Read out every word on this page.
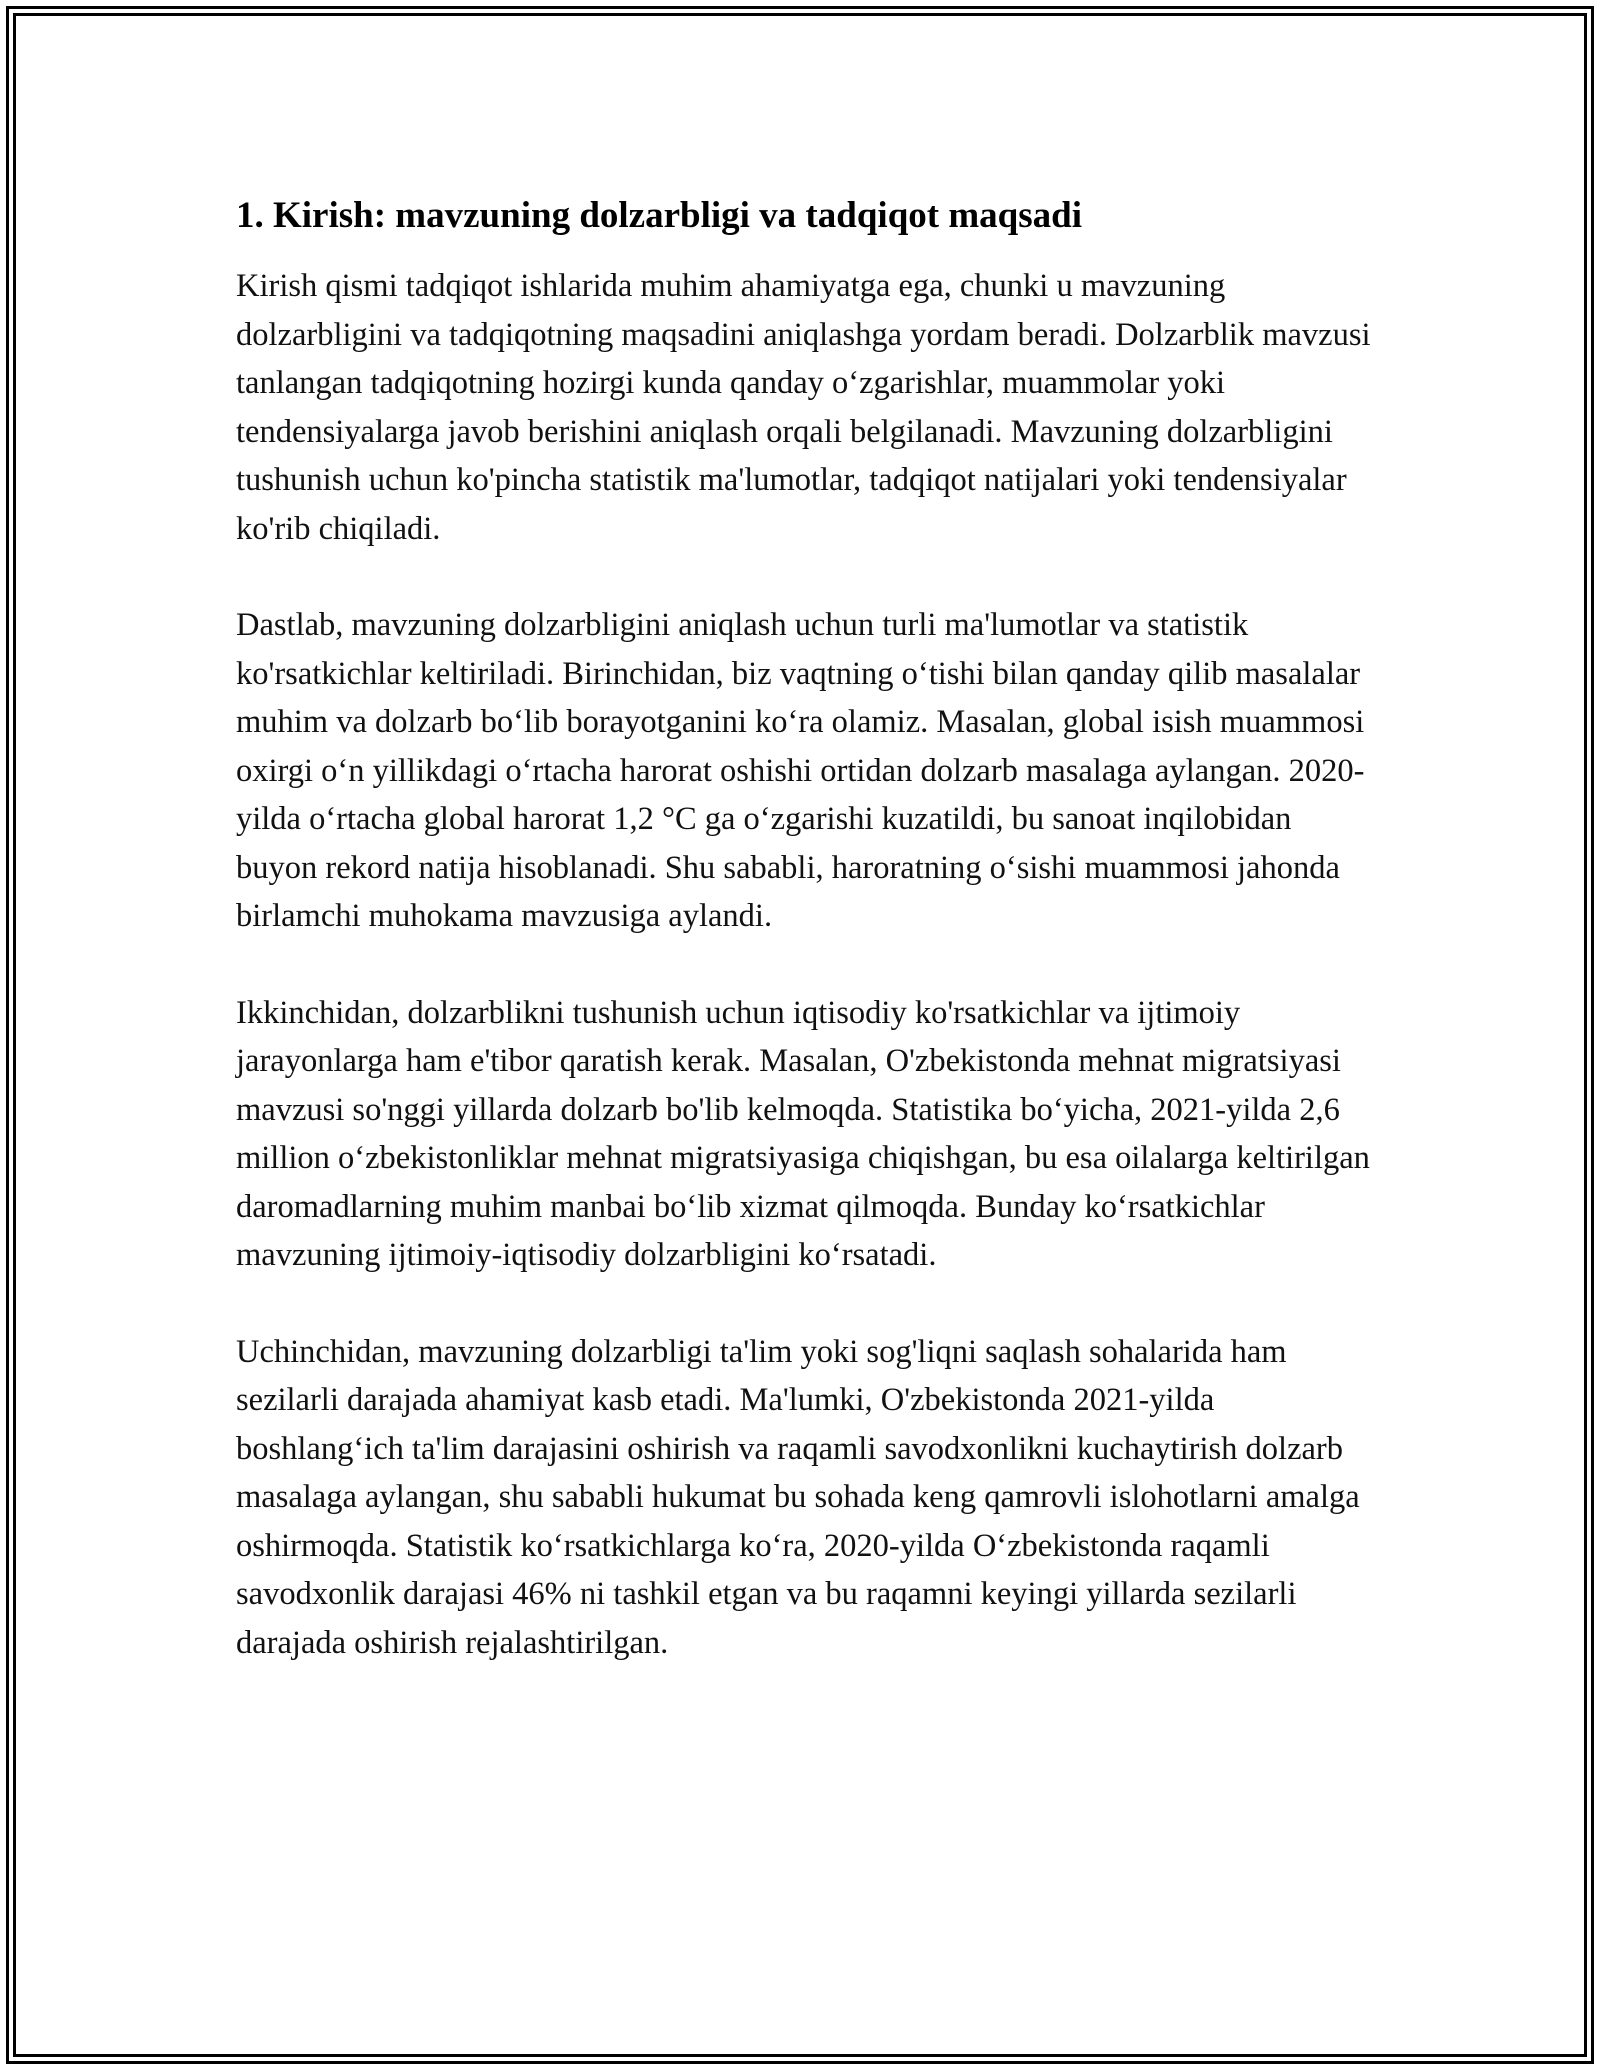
1. Kirish: mavzuning dolzarbligi va tadqiqot maqsadi

Kirish qismi tadqiqot ishlarida muhim ahamiyatga ega, chunki u mavzuning dolzarbligini va tadqiqotning maqsadini aniqlashga yordam beradi. Dolzarblik mavzusi tanlangan tadqiqotning hozirgi kunda qanday o‘zgarishlar, muammolar yoki tendensiyalarga javob berishini aniqlash orqali belgilanadi. Mavzuning dolzarbligini tushunish uchun ko'pincha statistik ma'lumotlar, tadqiqot natijalari yoki tendensiyalar ko'rib chiqiladi.

Dastlab, mavzuning dolzarbligini aniqlash uchun turli ma'lumotlar va statistik ko'rsatkichlar keltiriladi. Birinchidan, biz vaqtning o‘tishi bilan qanday qilib masalalar muhim va dolzarb bo‘lib borayotganini ko‘ra olamiz. Masalan, global isish muammosi oxirgi o‘n yillikdagi o‘rtacha harorat oshishi ortidan dolzarb masalaga aylangan. 2020-yilda o‘rtacha global harorat 1,2 °C ga o‘zgarishi kuzatildi, bu sanoat inqilobidan buyon rekord natija hisoblanadi. Shu sababli, haroratning o‘sishi muammosi jahonda birlamchi muhokama mavzusiga aylandi.

Ikkinchidan, dolzarblikni tushunish uchun iqtisodiy ko'rsatkichlar va ijtimoiy jarayonlarga ham e'tibor qaratish kerak. Masalan, O'zbekistonda mehnat migratsiyasi mavzusi so'nggi yillarda dolzarb bo'lib kelmoqda. Statistika bo‘yicha, 2021-yilda 2,6 million o‘zbekistonliklar mehnat migratsiyasiga chiqishgan, bu esa oilalarga keltirilgan daromadlarning muhim manbai bo‘lib xizmat qilmoqda. Bunday ko‘rsatkichlar mavzuning ijtimoiy-iqtisodiy dolzarbligini ko‘rsatadi.

Uchinchidan, mavzuning dolzarbligi ta'lim yoki sog'liqni saqlash sohalarida ham sezilarli darajada ahamiyat kasb etadi. Ma'lumki, O'zbekistonda 2021-yilda boshlang‘ich ta'lim darajasini oshirish va raqamli savodxonlikni kuchaytirish dolzarb masalaga aylangan, shu sababli hukumat bu sohada keng qamrovli islohotlarni amalga oshirmoqda. Statistik ko‘rsatkichlarga ko‘ra, 2020-yilda O‘zbekistonda raqamli savodxonlik darajasi 46% ni tashkil etgan va bu raqamni keyingi yillarda sezilarli darajada oshirish rejalashtirilgan.
